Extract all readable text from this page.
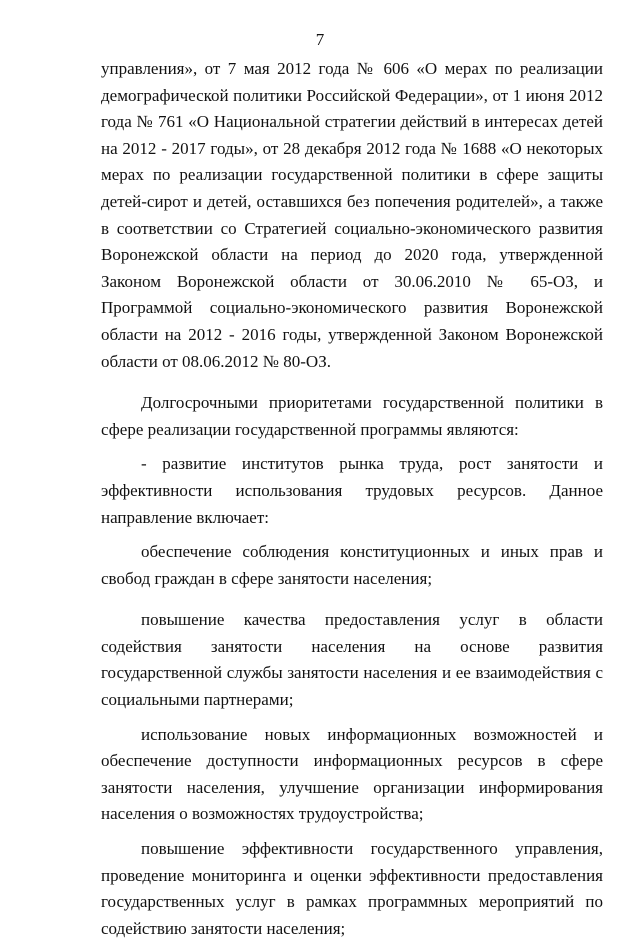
7

управления», от 7 мая 2012 года № 606 «О мерах по реализации демографической политики Российской Федерации», от 1 июня 2012 года № 761 «О Национальной стратегии действий в интересах детей на 2012 - 2017 годы», от 28 декабря 2012 года № 1688 «О некоторых мерах по реализации государственной политики в сфере защиты детей-сирот и детей, оставшихся без попечения родителей», а также в соответствии со Стратегией социально-экономического развития Воронежской области на период до 2020 года, утвержденной Законом Воронежской области от 30.06.2010 № 65-ОЗ, и Программой социально-экономического развития Воронежской области на 2012 - 2016 годы, утвержденной Законом Воронежской области от 08.06.2012 № 80-ОЗ.

Долгосрочными приоритетами государственной политики в сфере реализации государственной программы являются:

- развитие институтов рынка труда, рост занятости и эффективности использования трудовых ресурсов. Данное направление включает:

обеспечение соблюдения конституционных и иных прав и свобод граждан в сфере занятости населения;

повышение качества предоставления услуг в области содействия занятости населения на основе развития государственной службы занятости населения и ее взаимодействия с социальными партнерами;

использование новых информационных возможностей и обеспечение доступности информационных ресурсов в сфере занятости населения, улучшение организации информирования населения о возможностях трудоустройства;

повышение эффективности государственного управления, проведение мониторинга и оценки эффективности предоставления государственных услуг в рамках программных мероприятий по содействию занятости населения;
